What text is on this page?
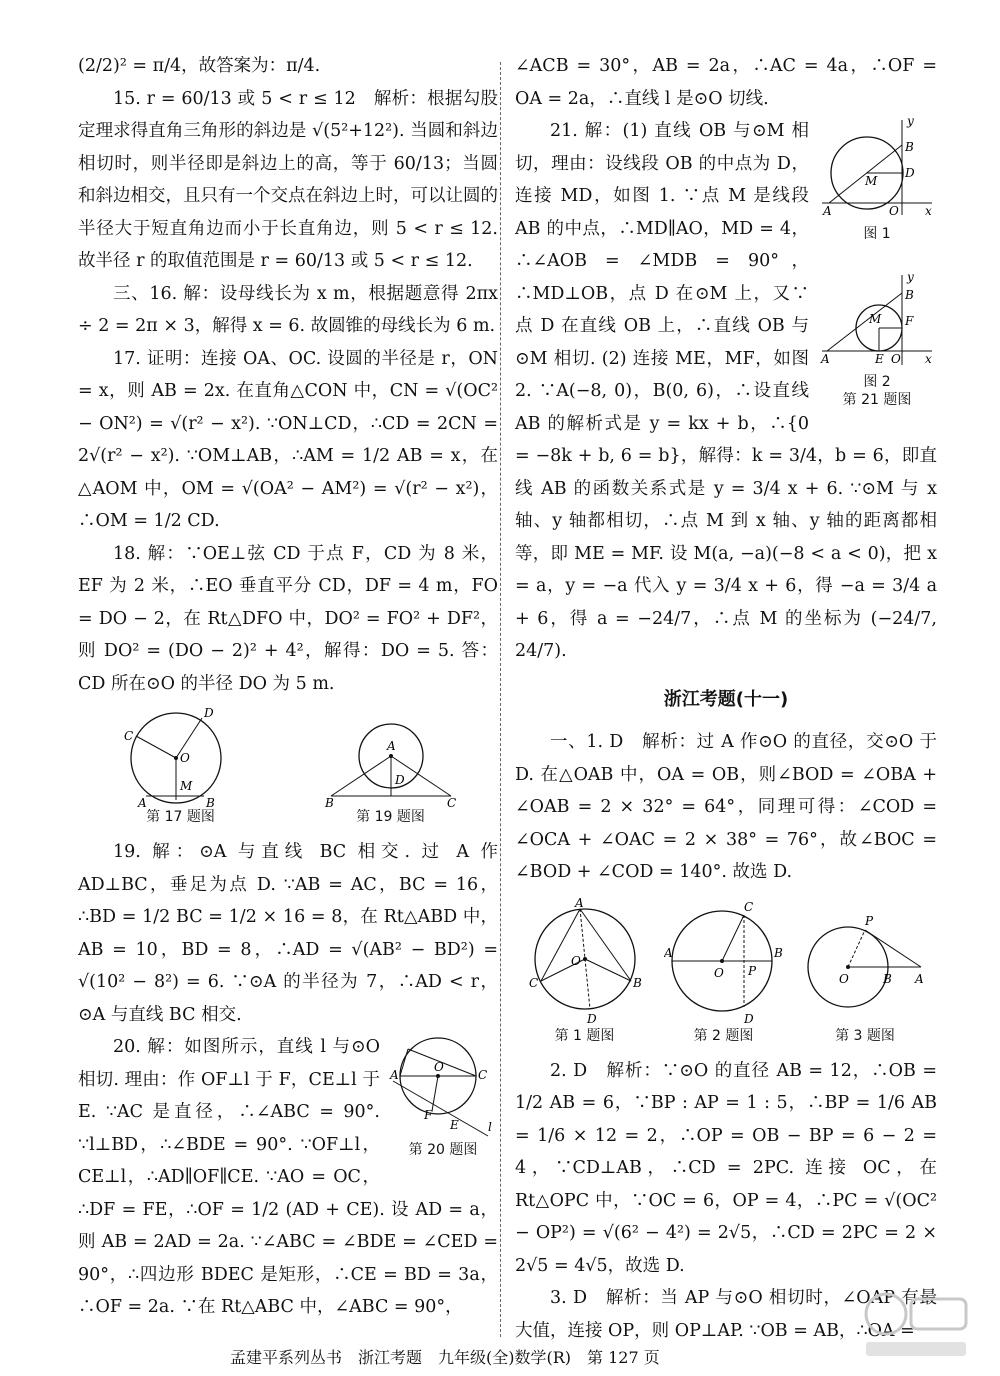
(2/2)² = π/4，故答案为：π/4.

15. r = 60/13 或 5 < r ≤ 12　解析：根据勾股定理求得直角三角形的斜边是 √(5²+12²). 当圆和斜边相切时，则半径即是斜边上的高，等于 60/13；当圆和斜边相交，且只有一个交点在斜边上时，可以让圆的半径大于短直角边而小于长直角边，则 5 < r ≤ 12. 故半径 r 的取值范围是 r = 60/13 或 5 < r ≤ 12.

三、16. 解：设母线长为 x m，根据题意得 2πx ÷ 2 = 2π × 3，解得 x = 6. 故圆锥的母线长为 6 m.

17. 证明：连接 OA、OC. 设圆的半径是 r，ON = x，则 AB = 2x. 在直角△CON 中，CN = √(OC² − ON²) = √(r² − x²). ∵ON⊥CD，∴CD = 2CN = 2√(r² − x²). ∵OM⊥AB，∴AM = 1/2 AB = x，在△AOM 中，OM = √(OA² − AM²) = √(r² − x²)，∴OM = 1/2 CD.

18. 解：∵OE⊥弦 CD 于点 F，CD 为 8 米，EF 为 2 米，∴EO 垂直平分 CD，DF = 4 m，FO = DO − 2，在 Rt△DFO 中，DO² = FO² + DF²，则 DO² = (DO − 2)² + 4²，解得：DO = 5. 答：CD 所在⊙O 的半径 DO 为 5 m.

O
D
C
M
A	B
第 17 题图
A
D
B	C
第 19 题图

19. 解：⊙A 与直线 BC 相交. 过 A 作 AD⊥BC，垂足为点 D. ∵AB = AC，BC = 16，∴BD = 1/2 BC = 1/2 × 16 = 8，在 Rt△ABD 中，AB = 10，BD = 8，∴AD = √(AB² − BD²) = √(10² − 8²) = 6. ∵⊙A 的半径为 7，∴AD < r，⊙A 与直线 BC 相交.

O
A	C
F
E l
第 20 题图

20. 解：如图所示，直线 l 与⊙O 相切. 理由：作 OF⊥l 于 F，CE⊥l 于 E. ∵AC 是直径，∴∠ABC = 90°. ∵l⊥BD，∴∠BDE = 90°. ∵OF⊥l，CE⊥l，∴AD∥OF∥CE. ∵AO = OC，∴DF = FE，∴OF = 1/2 (AD + CE). 设 AD = a，则 AB = 2AD = 2a. ∵∠ABC = ∠BDE = ∠CED = 90°，∴四边形 BDEC 是矩形，∴CE = BD = 3a，∴OF = 2a. ∵在 Rt△ABC 中，∠ABC = 90°，

∠ACB = 30°，AB = 2a，∴AC = 4a，∴OF = OA = 2a，∴直线 l 是⊙O 切线.

A	O x
y
B
D
M
图 1
A	E O x
y
B
F
M
图 2
第 21 题图

21. 解：(1) 直线 OB 与⊙M 相切，理由：设线段 OB 的中点为 D，连接 MD，如图 1. ∵点 M 是线段 AB 的中点，∴MD∥AO，MD = 4，∴∠AOB = ∠MDB = 90°，∴MD⊥OB，点 D 在⊙M 上，又∵点 D 在直线 OB 上，∴直线 OB 与⊙M 相切. (2) 连接 ME，MF，如图 2. ∵A(−8, 0)，B(0, 6)，∴设直线 AB 的解析式是 y = kx + b，∴{0 = −8k + b, 6 = b}，解得：k = 3/4，b = 6，即直线 AB 的函数关系式是 y = 3/4 x + 6. ∵⊙M 与 x 轴、y 轴都相切，∴点 M 到 x 轴、y 轴的距离都相等，即 ME = MF. 设 M(a, −a)(−8 < a < 0)，把 x = a，y = −a 代入 y = 3/4 x + 6，得 −a = 3/4 a + 6，得 a = −24/7，∴点 M 的坐标为 (−24/7, 24/7).

浙江考题(十一)

一、1. D　解析：过 A 作⊙O 的直径，交⊙O 于 D. 在△OAB 中，OA = OB，则∠BOD = ∠OBA + ∠OAB = 2 × 32° = 64°，同理可得：∠COD = ∠OCA + ∠OAC = 2 × 38° = 76°，故∠BOC = ∠BOD + ∠COD = 140°. 故选 D.

A
O
C	B
D
第 1 题图
A
O P
B
C
D
第 2 题图
O	B A
P
第 3 题图

2. D　解析：∵⊙O 的直径 AB = 12，∴OB = 1/2 AB = 6，∵BP : AP = 1 : 5，∴BP = 1/6 AB = 1/6 × 12 = 2，∴OP = OB − BP = 6 − 2 = 4，∵CD⊥AB，∴CD = 2PC. 连接 OC，在 Rt△OPC 中，∵OC = 6，OP = 4，∴PC = √(OC² − OP²) = √(6² − 4²) = 2√5，∴CD = 2PC = 2 × 2√5 = 4√5，故选 D.

3. D　解析：当 AP 与⊙O 相切时，∠OAP 有最大值，连接 OP，则 OP⊥AP. ∵OB = AB，∴OA =

孟建平系列丛书　浙江考题　九年级(全)数学(R)　第 127 页
